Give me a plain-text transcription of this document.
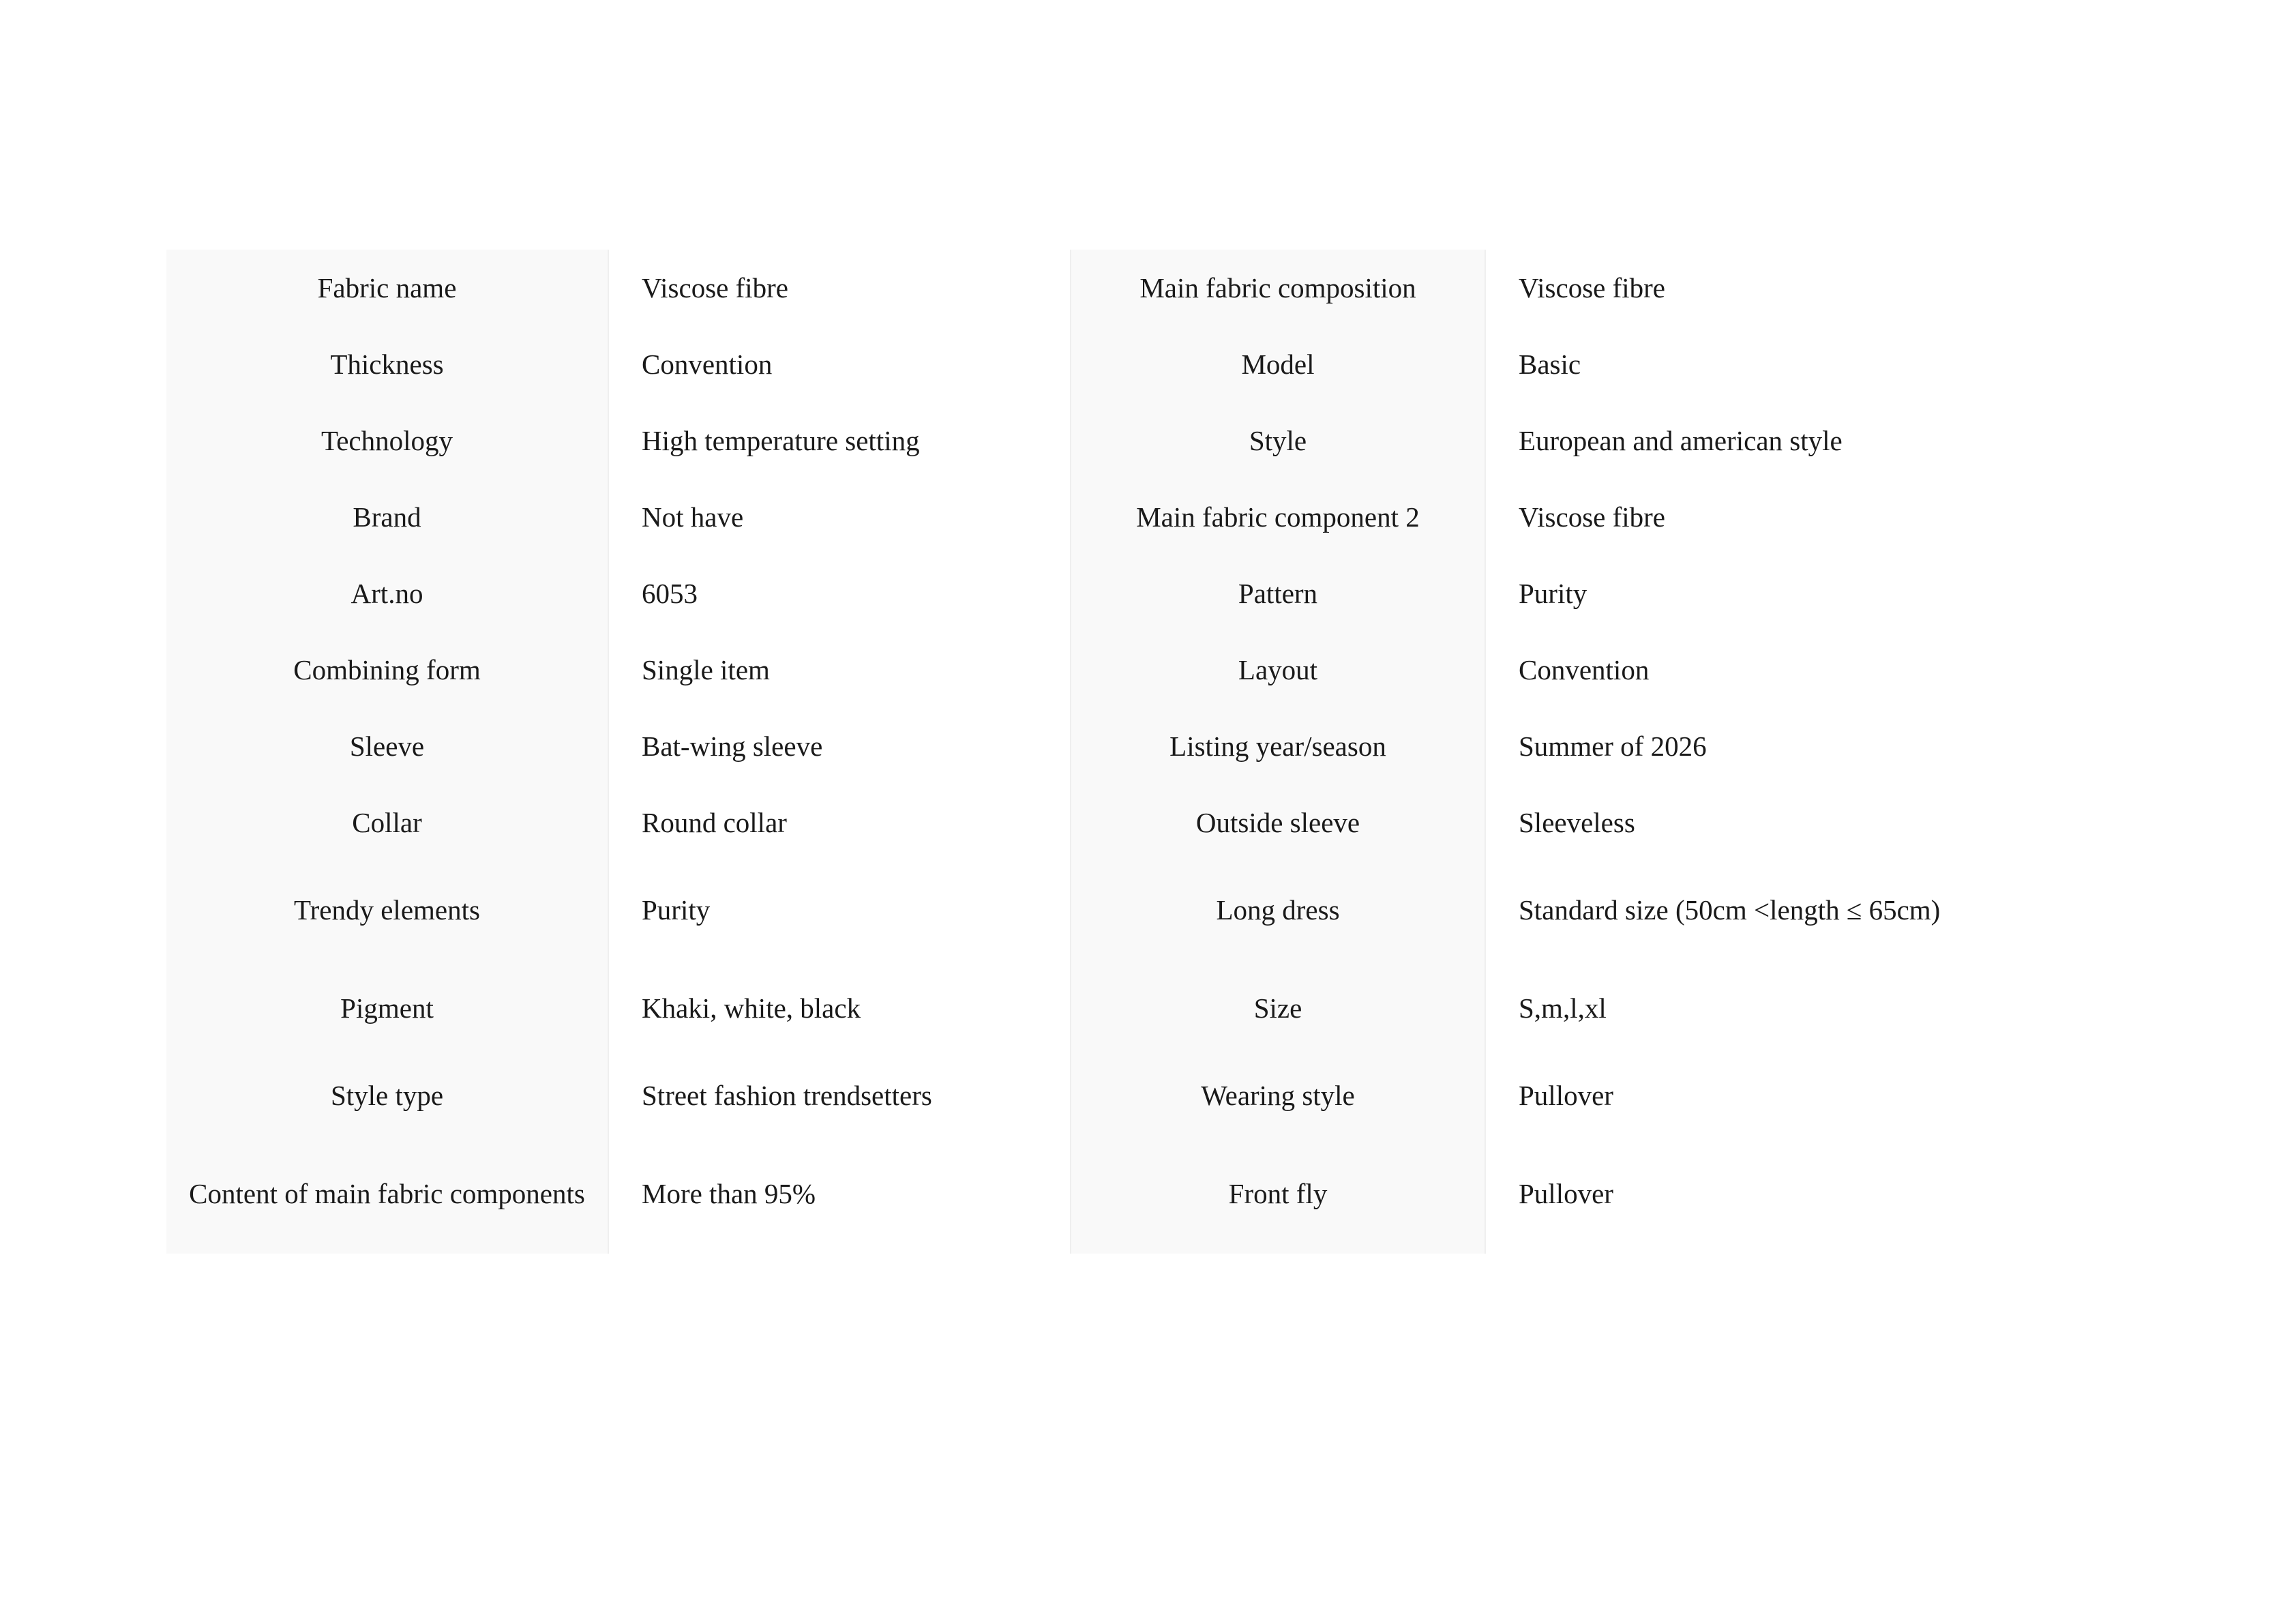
Fabric name	Viscose fibre	Main fabric composition	Viscose fibre
Thickness	Convention	Model	Basic
Technology	High temperature setting	Style	European and american style
Brand	Not have	Main fabric component 2	Viscose fibre
Art.no	6053	Pattern	Purity
Combining form	Single item	Layout	Convention
Sleeve	Bat-wing sleeve	Listing year/season	Summer of 2026
Collar	Round collar	Outside sleeve	Sleeveless
Trendy elements	Purity	Long dress	Standard size (50cm <length ≤ 65cm)
Pigment	Khaki, white, black	Size	S,m,l,xl
Style type	Street fashion trendsetters	Wearing style	Pullover
Content of main fabric components	More than 95%	Front fly	Pullover
